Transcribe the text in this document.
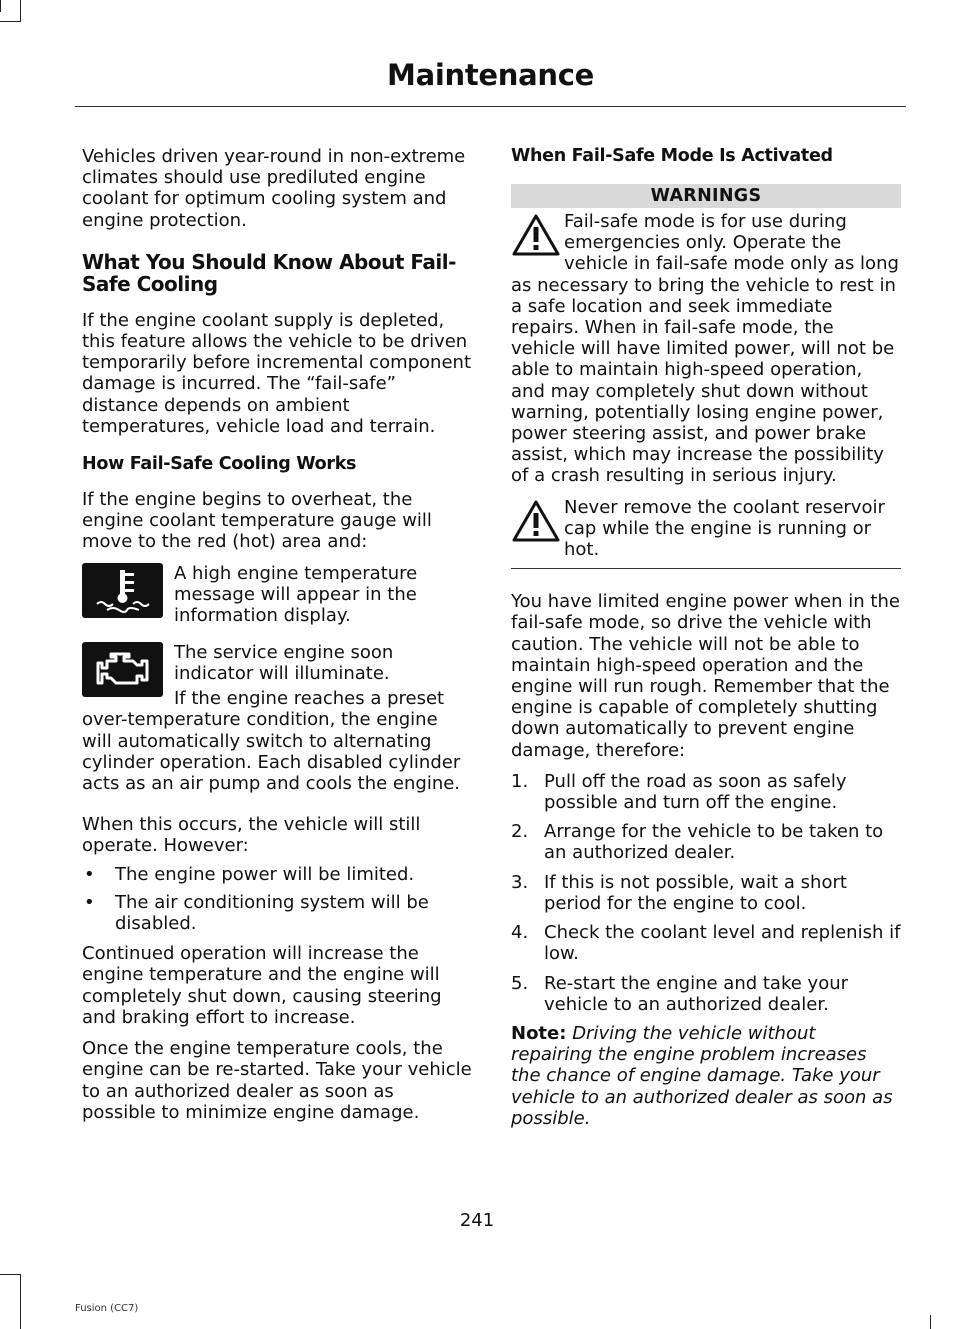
Maintenance

Vehicles driven year-round in non-extreme climates should use prediluted engine coolant for optimum cooling system and engine protection.

What You Should Know About Fail-Safe Cooling

If the engine coolant supply is depleted, this feature allows the vehicle to be driven temporarily before incremental component damage is incurred. The “fail-safe” distance depends on ambient temperatures, vehicle load and terrain.

How Fail-Safe Cooling Works

If the engine begins to overheat, the engine coolant temperature gauge will move to the red (hot) area and:

A high engine temperature message will appear in the information display.

The service engine soon indicator will illuminate.

If the engine reaches a preset over-temperature condition, the engine will automatically switch to alternating cylinder operation. Each disabled cylinder acts as an air pump and cools the engine.

When this occurs, the vehicle will still operate. However:

• The engine power will be limited.
• The air conditioning system will be disabled.

Continued operation will increase the engine temperature and the engine will completely shut down, causing steering and braking effort to increase.

Once the engine temperature cools, the engine can be re-started. Take your vehicle to an authorized dealer as soon as possible to minimize engine damage.

When Fail-Safe Mode Is Activated
WARNINGS
Fail-safe mode is for use during emergencies only. Operate the vehicle in fail-safe mode only as long as necessary to bring the vehicle to rest in a safe location and seek immediate repairs. When in fail-safe mode, the vehicle will have limited power, will not be able to maintain high-speed operation, and may completely shut down without warning, potentially losing engine power, power steering assist, and power brake assist, which may increase the possibility of a crash resulting in serious injury.
Never remove the coolant reservoir cap while the engine is running or hot.

You have limited engine power when in the fail-safe mode, so drive the vehicle with caution. The vehicle will not be able to maintain high-speed operation and the engine will run rough. Remember that the engine is capable of completely shutting down automatically to prevent engine damage, therefore:

1. Pull off the road as soon as safely possible and turn off the engine.
2. Arrange for the vehicle to be taken to an authorized dealer.
3. If this is not possible, wait a short period for the engine to cool.
4. Check the coolant level and replenish if low.
5. Re-start the engine and take your vehicle to an authorized dealer.

Note: Driving the vehicle without repairing the engine problem increases the chance of engine damage. Take your vehicle to an authorized dealer as soon as possible.

241
Fusion (CC7)
